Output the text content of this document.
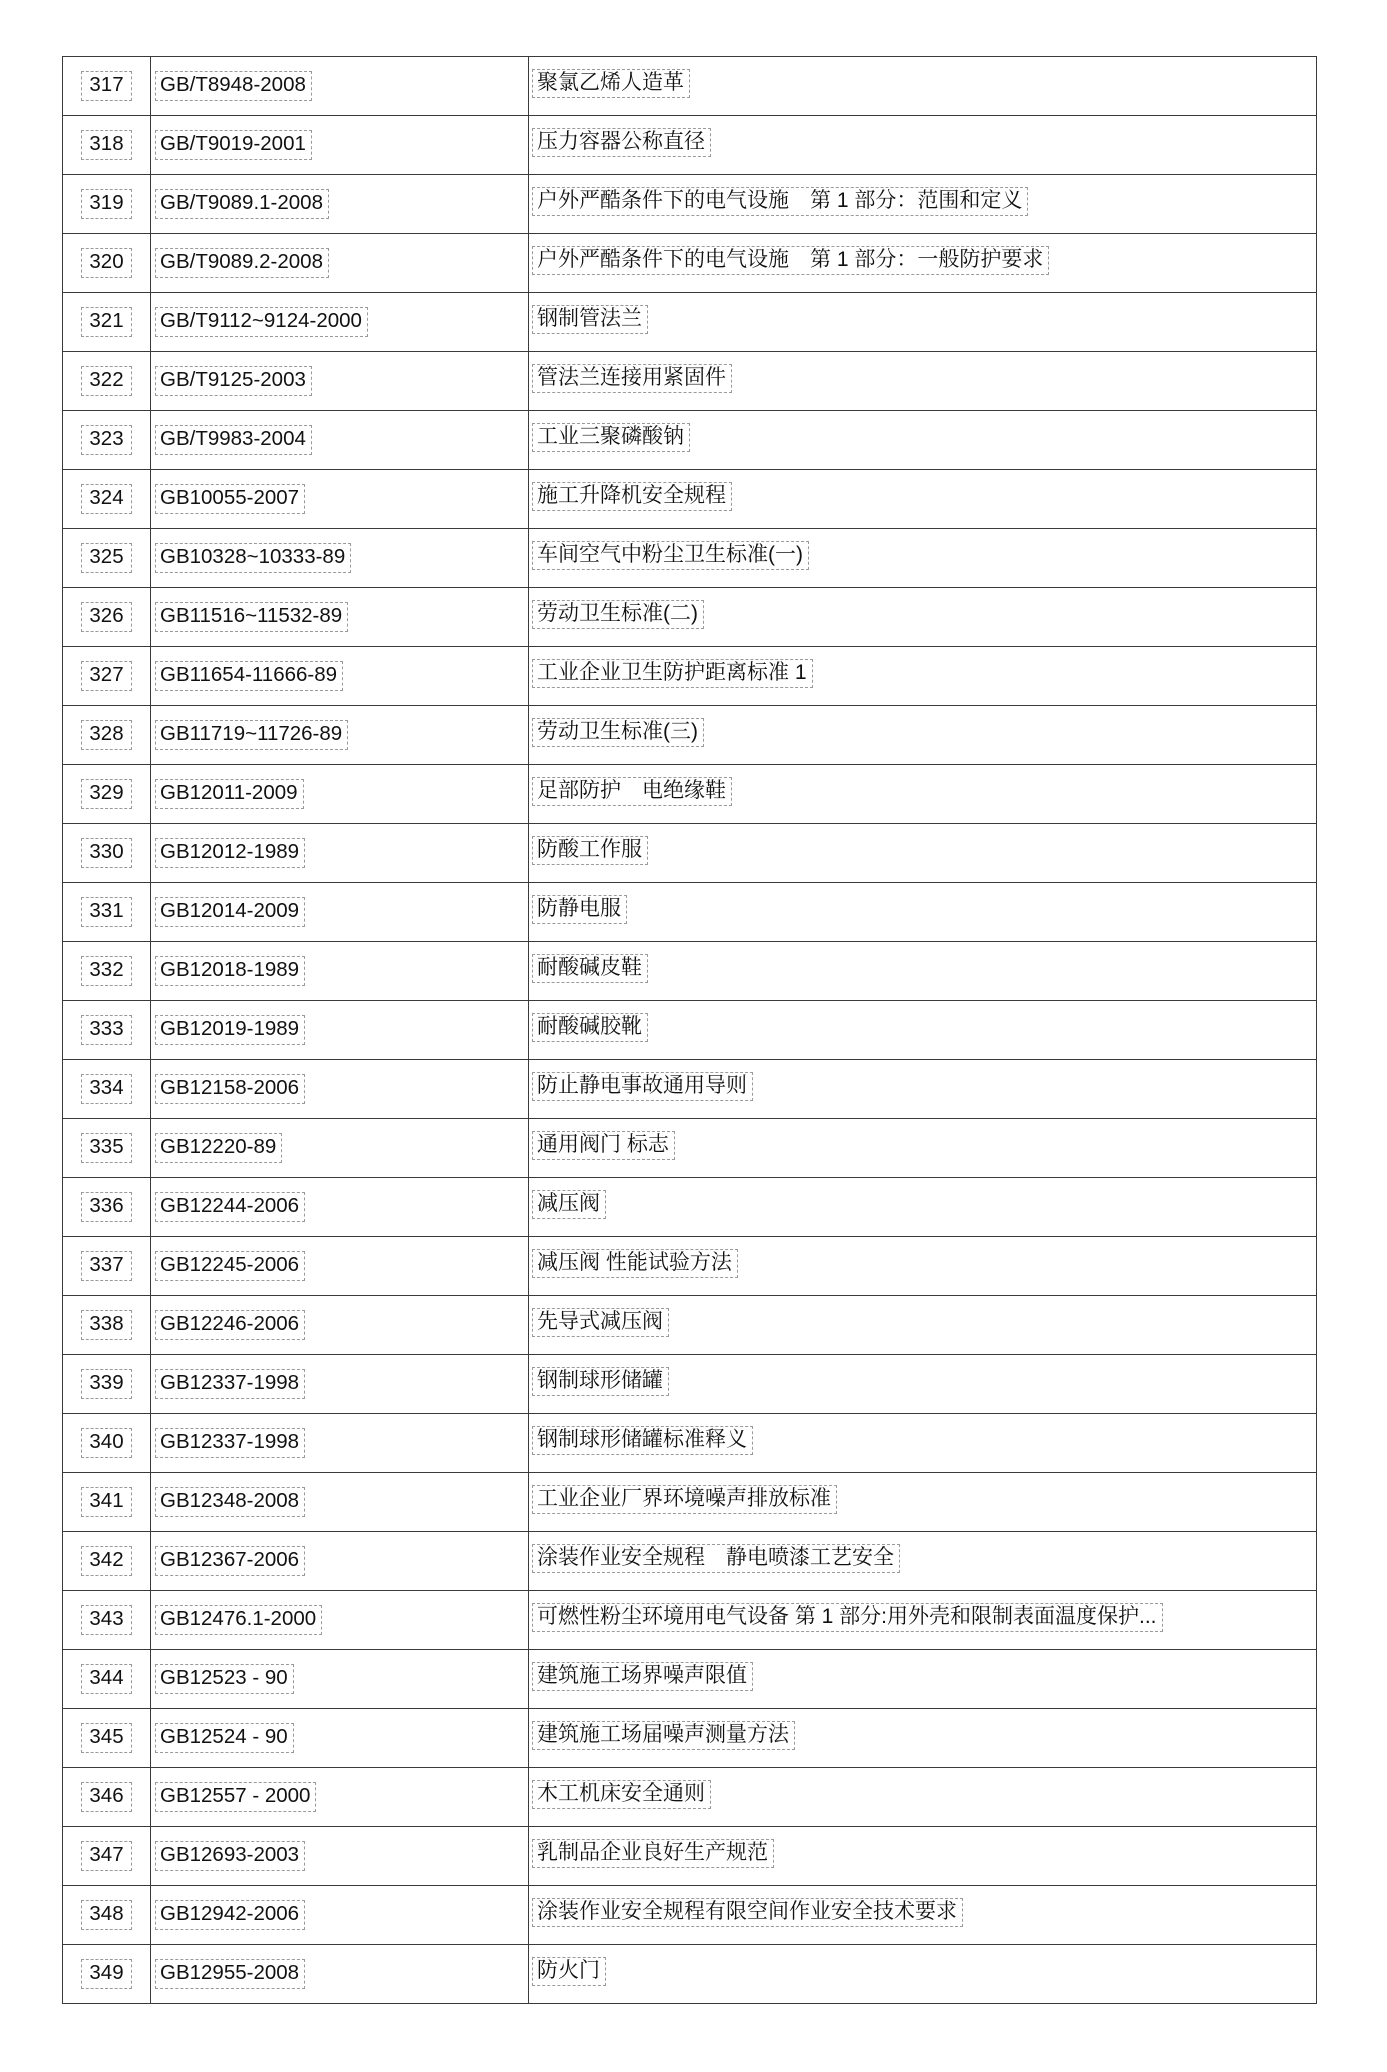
317	GB/T8948-2008	聚氯乙烯人造革
318	GB/T9019-2001	压力容器公称直径
319	GB/T9089.1-2008	户外严酷条件下的电气设施　第 1 部分：范围和定义
320	GB/T9089.2-2008	户外严酷条件下的电气设施　第 1 部分：一般防护要求
321	GB/T9112~9124-2000	钢制管法兰
322	GB/T9125-2003	管法兰连接用紧固件
323	GB/T9983-2004	工业三聚磷酸钠
324	GB10055-2007	施工升降机安全规程
325	GB10328~10333-89	车间空气中粉尘卫生标准(一)
326	GB11516~11532-89	劳动卫生标准(二)
327	GB11654-11666-89	工业企业卫生防护距离标准 1
328	GB11719~11726-89	劳动卫生标准(三)
329	GB12011-2009	足部防护　电绝缘鞋
330	GB12012-1989	防酸工作服
331	GB12014-2009	防静电服
332	GB12018-1989	耐酸碱皮鞋
333	GB12019-1989	耐酸碱胶靴
334	GB12158-2006	防止静电事故通用导则
335	GB12220-89	通用阀门 标志
336	GB12244-2006	减压阀
337	GB12245-2006	减压阀 性能试验方法
338	GB12246-2006	先导式减压阀
339	GB12337-1998	钢制球形储罐
340	GB12337-1998	钢制球形储罐标准释义
341	GB12348-2008	工业企业厂界环境噪声排放标准
342	GB12367-2006	涂装作业安全规程　静电喷漆工艺安全
343	GB12476.1-2000	可燃性粉尘环境用电气设备 第 1 部分:用外壳和限制表面温度保护...
344	GB12523 - 90	建筑施工场界噪声限值
345	GB12524 - 90	建筑施工场届噪声测量方法
346	GB12557 - 2000	木工机床安全通则
347	GB12693-2003	乳制品企业良好生产规范
348	GB12942-2006	涂装作业安全规程有限空间作业安全技术要求
349	GB12955-2008	防火门
